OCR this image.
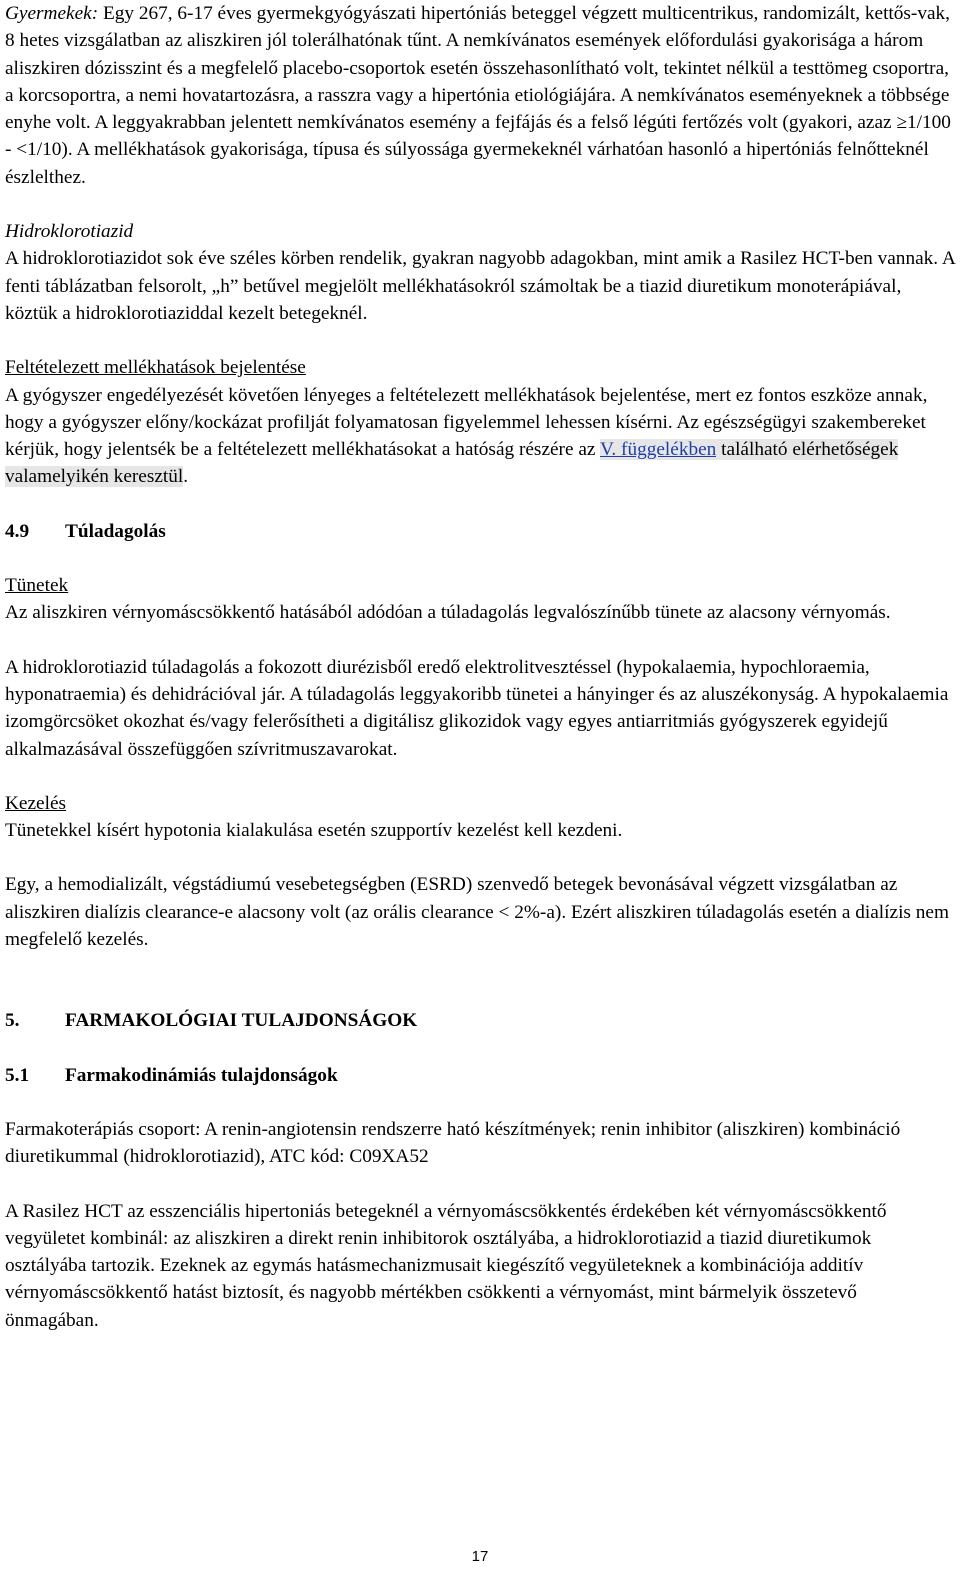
Gyermekek: Egy 267, 6-17 éves gyermekgyógyászati hipertóniás beteggel végzett multicentrikus, randomizált, kettős-vak, 8 hetes vizsgálatban az aliszkiren jól tolerálhatónak tűnt. A nemkívánatos események előfordulási gyakorisága a három aliszkiren dózisszint és a megfelelő placebo-csoportok esetén összehasonlítható volt, tekintet nélkül a testtömeg csoportra, a korcsoportra, a nemi hovatartozásra, a rasszra vagy a hipertónia etiológiájára. A nemkívánatos eseményeknek a többsége enyhe volt. A leggyakrabban jelentett nemkívánatos esemény a fejfájás és a felső légúti fertőzés volt (gyakori, azaz ≥1/100 - <1/10). A mellékhatások gyakorisága, típusa és súlyossága gyermekeknél várhatóan hasonló a hipertóniás felnőtteknél észlelthez.

Hidroklorotiazid

A hidroklorotiazidot sok éve széles körben rendelik, gyakran nagyobb adagokban, mint amik a Rasilez HCT-ben vannak. A fenti táblázatban felsorolt, „h” betűvel megjelölt mellékhatásokról számoltak be a tiazid diuretikum monoterápiával, köztük a hidroklorotiaziddal kezelt betegeknél.

Feltételezett mellékhatások bejelentése

A gyógyszer engedélyezését követően lényeges a feltételezett mellékhatások bejelentése, mert ez fontos eszköze annak, hogy a gyógyszer előny/kockázat profilját folyamatosan figyelemmel lehessen kísérni. Az egészségügyi szakembereket kérjük, hogy jelentsék be a feltételezett mellékhatásokat a hatóság részére az V. függelékben található elérhetőségek valamelyikén keresztül.

4.9 Túladagolás

Tünetek

Az aliszkiren vérnyomáscsökkentő hatásából adódóan a túladagolás legvalószínűbb tünete az alacsony vérnyomás.

A hidroklorotiazid túladagolás a fokozott diurézisből eredő elektrolitvesztéssel (hypokalaemia, hypochloraemia, hyponatraemia) és dehidrációval jár. A túladagolás leggyakoribb tünetei a hányinger és az aluszékonyság. A hypokalaemia izomgörcsöket okozhat és/vagy felerősítheti a digitálisz glikozidok vagy egyes antiarritmiás gyógyszerek egyidejű alkalmazásával összefüggően szívritmuszavarokat.

Kezelés

Tünetekkel kísért hypotonia kialakulása esetén szupportív kezelést kell kezdeni.

Egy, a hemodializált, végstádiumú vesebetegségben (ESRD) szenvedő betegek bevonásával végzett vizsgálatban az aliszkiren dialízis clearance-e alacsony volt (az orális clearance < 2%-a). Ezért aliszkiren túladagolás esetén a dialízis nem megfelelő kezelés.

5. FARMAKOLÓGIAI TULAJDONSÁGOK

5.1 Farmakodinámiás tulajdonságok

Farmakoterápiás csoport: A renin-angiotensin rendszerre ható készítmények; renin inhibitor (aliszkiren) kombináció diuretikummal (hidroklorotiazid), ATC kód: C09XA52

A Rasilez HCT az esszenciális hipertoniás betegeknél a vérnyomáscsökkentés érdekében két vérnyomáscsökkentő vegyületet kombinál: az aliszkiren a direkt renin inhibitorok osztályába, a hidroklorotiazid a tiazid diuretikumok osztályába tartozik. Ezeknek az egymás hatásmechanizmusait kiegészítő vegyületeknek a kombinációja additív vérnyomáscsökkentő hatást biztosít, és nagyobb mértékben csökkenti a vérnyomást, mint bármelyik összetevő önmagában.

17
